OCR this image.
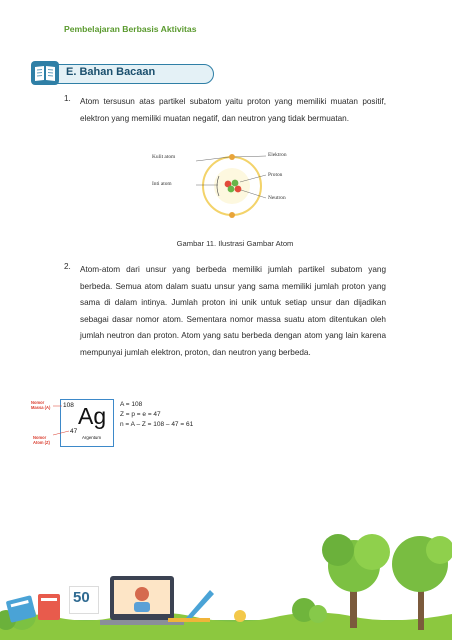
Pembelajaran Berbasis Aktivitas
E. Bahan Bacaan
1. Atom tersusun atas partikel subatom yaitu proton yang memiliki muatan positif, elektron yang memiliki muatan negatif, dan neutron yang tidak bermuatan.
Kulit atom
Inti atom
Elektron
Proton
Neutron
Gambar 11. Ilustrasi Gambar Atom
2. Atom-atom dari unsur yang berbeda memiliki jumlah partikel subatom yang berbeda. Semua atom dalam suatu unsur yang sama memiliki jumlah proton yang sama di dalam intinya. Jumlah proton ini unik untuk setiap unsur dan dijadikan sebagai dasar nomor atom. Sementara nomor massa suatu atom ditentukan oleh jumlah neutron dan proton. Atom yang satu berbeda dengan atom yang lain karena mempunyai jumlah elektron, proton, dan neutron yang berbeda.
Ag
108
47
Argentum
Nomor
Massa (A)
Nomor
Atom (Z)
A = 108
Z = p = e = 47
n = A – Z = 108 – 47 = 61
50
